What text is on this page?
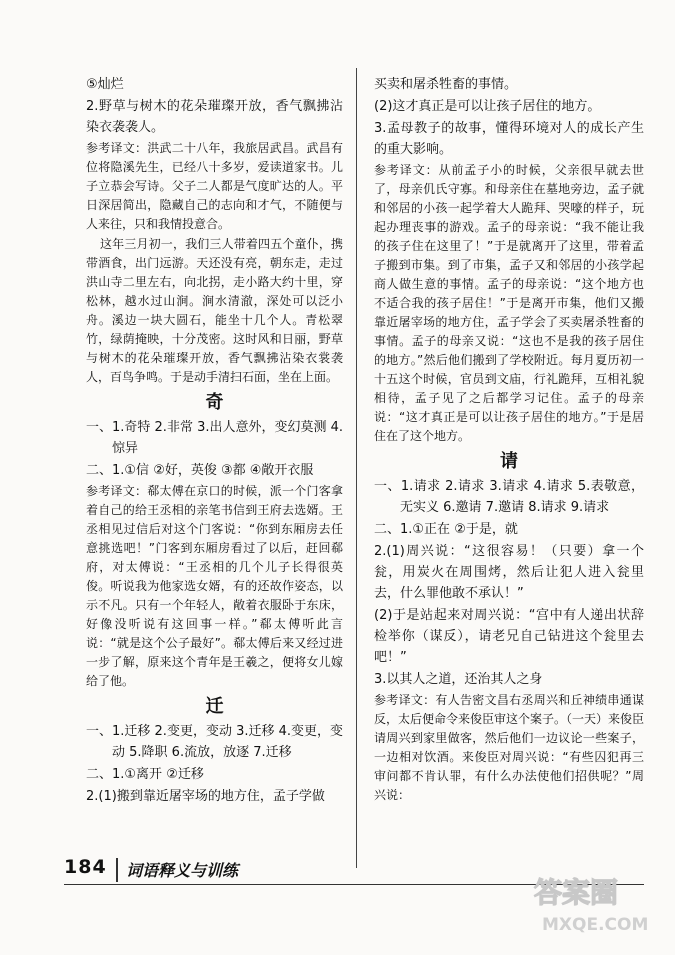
⑤灿烂

2.野草与树木的花朵璀璨开放，香气飘拂沾染衣袭袭人。

参考译文：洪武二十八年，我旅居武昌。武昌有位将隐溪先生，已经八十多岁，爱读道家书。儿子立恭会写诗。父子二人都是气度旷达的人。平日深居简出，隐藏自己的志向和才气，不随便与人来往，只和我情投意合。

这年三月初一，我们三人带着四五个童仆，携带酒食，出门远游。天还没有亮，朝东走，走过洪山寺二里左右，向北拐，走小路大约十里，穿松林，越水过山涧。涧水清澈，深处可以泛小舟。溪边一块大圆石，能坐十几个人。青松翠竹，绿荫掩映，十分茂密。这时风和日丽，野草与树木的花朵璀璨开放，香气飘拂沾染衣裳袭人，百鸟争鸣。于是动手清扫石面，坐在上面。

奇

一、1.奇特 2.非常 3.出人意外，变幻莫测 4.惊异

二、1.①信 ②好，英俊 ③都 ④敞开衣服

参考译文：郗太傅在京口的时候，派一个门客拿着自己的给王丞相的亲笔书信到王府去选婿。王丞相见过信后对这个门客说：“你到东厢房去任意挑选吧！”门客到东厢房看过了以后，赶回郗府，对太傅说：“王丞相的几个儿子长得很英俊。听说我为他家选女婿，有的还故作姿态，以示不凡。只有一个年轻人，敞着衣服卧于东床，好像没听说有这回事一样。”郗太傅听此言说：“就是这个公子最好”。郗太傅后来又经过进一步了解，原来这个青年是王羲之，便将女儿嫁给了他。

迁

一、1.迁移 2.变更，变动 3.迁移 4.变更，变动 5.降职 6.流放，放逐 7.迁移

二、1.①离开 ②迁移

2.(1)搬到靠近屠宰场的地方住，孟子学做

买卖和屠杀牲畜的事情。

(2)这才真正是可以让孩子居住的地方。

3.孟母教子的故事，懂得环境对人的成长产生的重大影响。

参考译文：从前孟子小的时候，父亲很早就去世了，母亲仉氏守寡。和母亲住在墓地旁边，孟子就和邻居的小孩一起学着大人跪拜、哭嚎的样子，玩起办理丧事的游戏。孟子的母亲说：“我不能让我的孩子住在这里了！”于是就离开了这里，带着孟子搬到市集。到了市集，孟子又和邻居的小孩学起商人做生意的事情。孟子的母亲说：“这个地方也不适合我的孩子居住！”于是离开市集，他们又搬靠近屠宰场的地方住，孟子学会了买卖屠杀牲畜的事情。孟子的母亲又说：“这也不是我的孩子居住的地方。”然后他们搬到了学校附近。每月夏历初一十五这个时候，官员到文庙，行礼跪拜，互相礼貌相待，孟子见了之后都学习记住。孟子的母亲说：“这才真正是可以让孩子居住的地方。”于是居住在了这个地方。

请

一、1.请求 2.请求 3.请求 4.请求 5.表敬意，无实义 6.邀请 7.邀请 8.请求 9.请求

二、1.①正在 ②于是，就

2.(1)周兴说：“这很容易！（只要）拿一个瓮，用炭火在周围烤，然后让犯人进入瓮里去，什么罪他敢不承认！”

(2)于是站起来对周兴说：“宫中有人递出状辞检举你（谋反），请老兄自己钻进这个瓮里去吧！”

3.以其人之道，还治其人之身

参考译文：有人告密文昌右丞周兴和丘神绩串通谋反，太后便命令来俊臣审这个案子。（一天）来俊臣请周兴到家里做客，然后他们一边议论一些案子，一边相对饮酒。来俊臣对周兴说：“有些囚犯再三审问都不肯认罪，有什么办法使他们招供呢？”周兴说：

184 词语释义与训练
答案圈
MXQE.COM
